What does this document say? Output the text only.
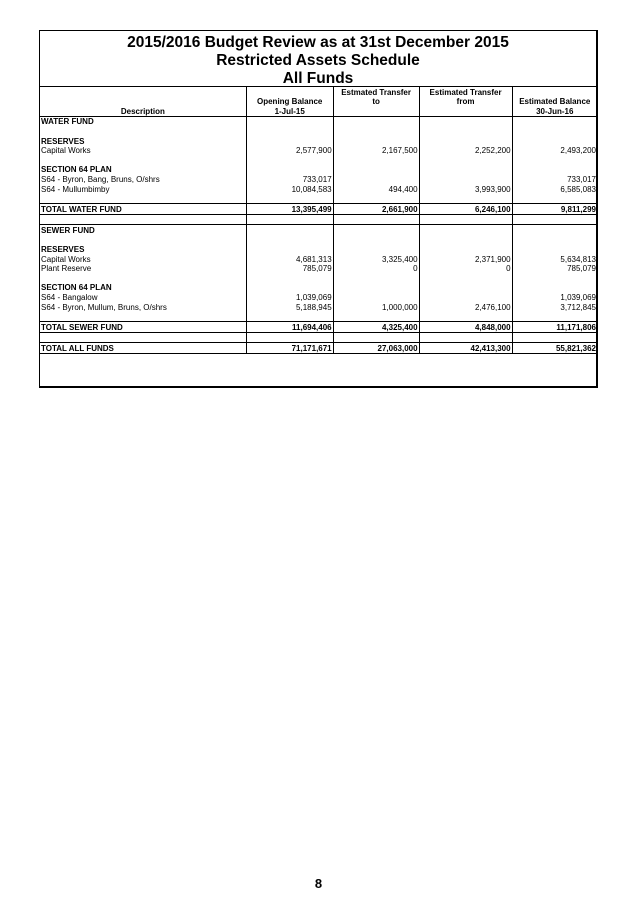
2015/2016 Budget Review as at 31st December 2015
Restricted Assets Schedule
All Funds
		Estmated Transfer	Estimated Transfer	
	Opening Balance	to	from	Estimated Balance
Description	1-Jul-15			30-Jun-16
WATER FUND				

RESERVES				
Capital Works	2,577,900	2,167,500	2,252,200	2,493,200

SECTION 64 PLAN				
S64 - Byron, Bang, Bruns, O/shrs	733,017			733,017
S64 - Mullumbimby	10,084,583	494,400	3,993,900	6,585,083

TOTAL WATER FUND	13,395,499	2,661,900	6,246,100	9,811,299

SEWER FUND				

RESERVES				
Capital Works	4,681,313	3,325,400	2,371,900	5,634,813
Plant Reserve	785,079	0	0	785,079

SECTION 64 PLAN				
S64 - Bangalow	1,039,069			1,039,069
S64 - Byron, Mullum, Bruns, O/shrs	5,188,945	1,000,000	2,476,100	3,712,845

TOTAL SEWER FUND	11,694,406	4,325,400	4,848,000	11,171,806

TOTAL ALL FUNDS	71,171,671	27,063,000	42,413,300	55,821,362
8
